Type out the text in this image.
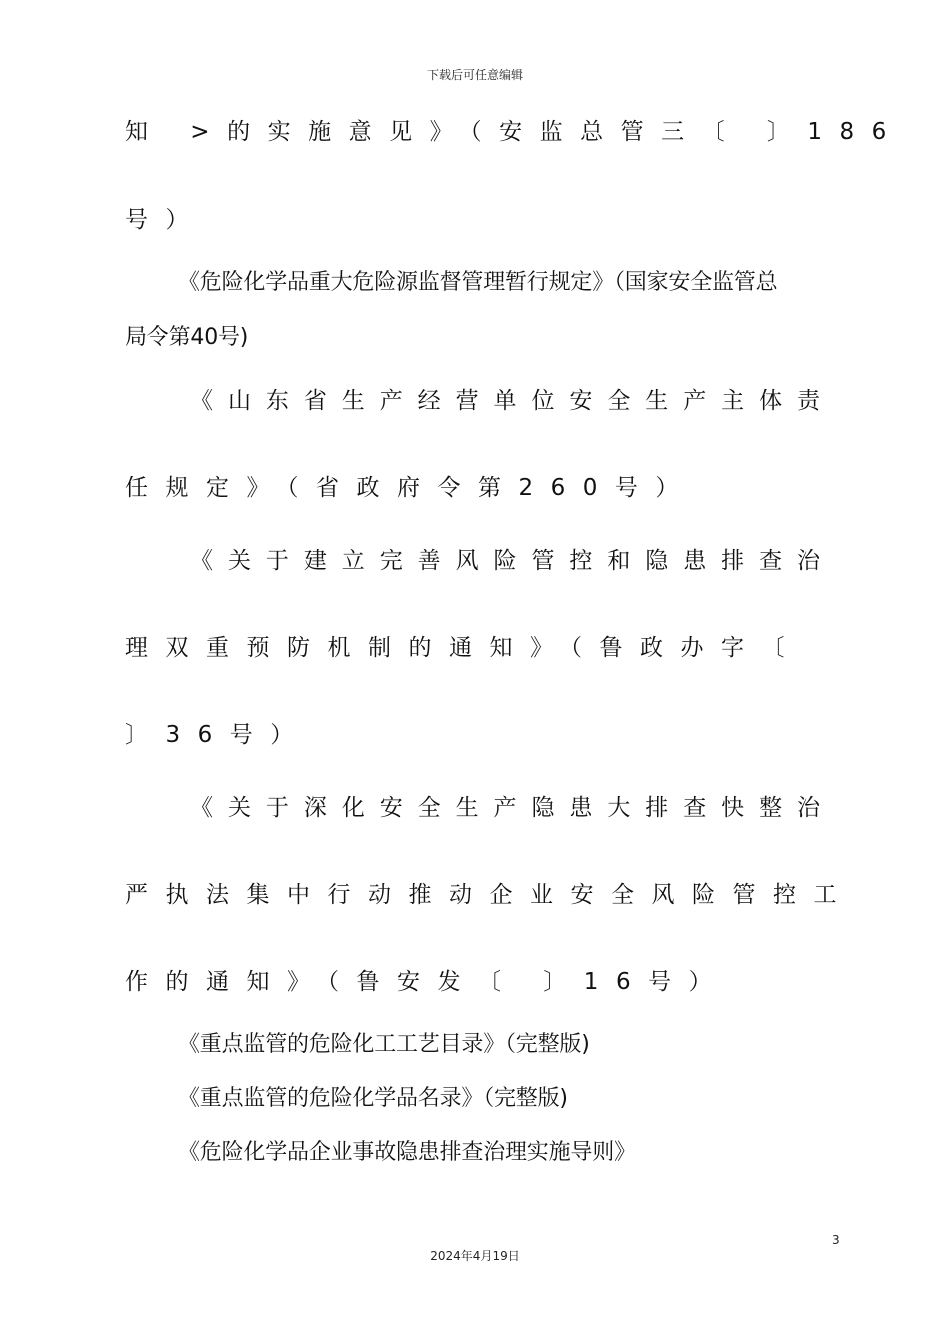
下载后可任意编辑
知 >的实施意见》（安监总管三〔 〕186
号）
《危险化学品重大危险源监督管理暂行规定》（国家安全监管总
局令第40号)
《山东省生产经营单位安全生产主体责
任规定》（省政府令第260号）
《关于建立完善风险管控和隐患排查治
理双重预防机制的通知》（鲁政办字〔
〕36号）
《关于深化安全生产隐患大排查快整治
严执法集中行动推动企业安全风险管控工
作的通知》（鲁安发〔 〕16号）
《重点监管的危险化工工艺目录》（完整版)
《重点监管的危险化学品名录》（完整版)
《危险化学品企业事故隐患排查治理实施导则》
3
2024年4月19日
